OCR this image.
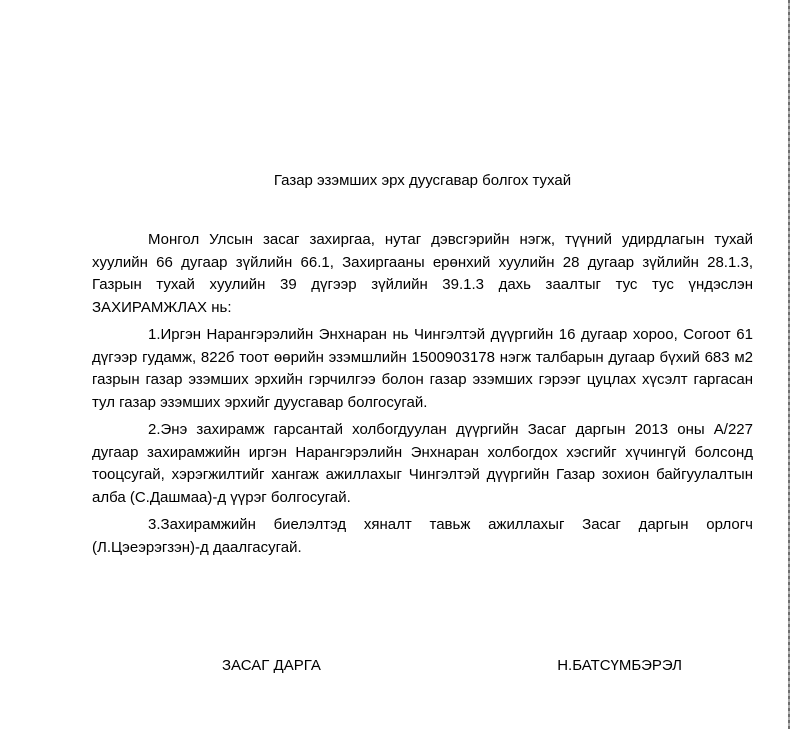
Газар эзэмших эрх дуусгавар болгох тухай

Монгол Улсын засаг захиргаа, нутаг дэвсгэрийн нэгж, түүний удирдлагын тухай хуулийн 66 дугаар зүйлийн 66.1, Захиргааны ерөнхий хуулийн 28 дугаар зүйлийн 28.1.3, Газрын тухай хуулийн 39 дүгээр зүйлийн 39.1.3 дахь заалтыг тус тус үндэслэн ЗАХИРАМЖЛАХ нь:

1.Иргэн Нарангэрэлийн Энхнаран нь Чингэлтэй дүүргийн 16 дугаар хороо, Согоот 61 дүгээр гудамж, 822б тоот өөрийн эзэмшлийн 1500903178 нэгж талбарын дугаар бүхий 683 м2 газрын газар эзэмших эрхийн гэрчилгээ болон газар эзэмших гэрээг цуцлах хүсэлт гаргасан тул газар эзэмших эрхийг дуусгавар болгосугай.

2.Энэ захирамж гарсантай холбогдуулан дүүргийн Засаг даргын 2013 оны А/227 дугаар захирамжийн иргэн Нарангэрэлийн Энхнаран холбогдох хэсгийг хүчингүй болсонд тооцсугай, хэрэгжилтийг хангаж ажиллахыг Чингэлтэй дүүргийн Газар зохион байгуулалтын алба (С.Дашмаа)-д үүрэг болгосугай.

3.Захирамжийн биелэлтэд хяналт тавьж ажиллахыг Засаг даргын орлогч (Л.Цэеэрэгзэн)-д даалгасугай.

ЗАСАГ ДАРГА	Н.БАТСҮМБЭРЭЛ
